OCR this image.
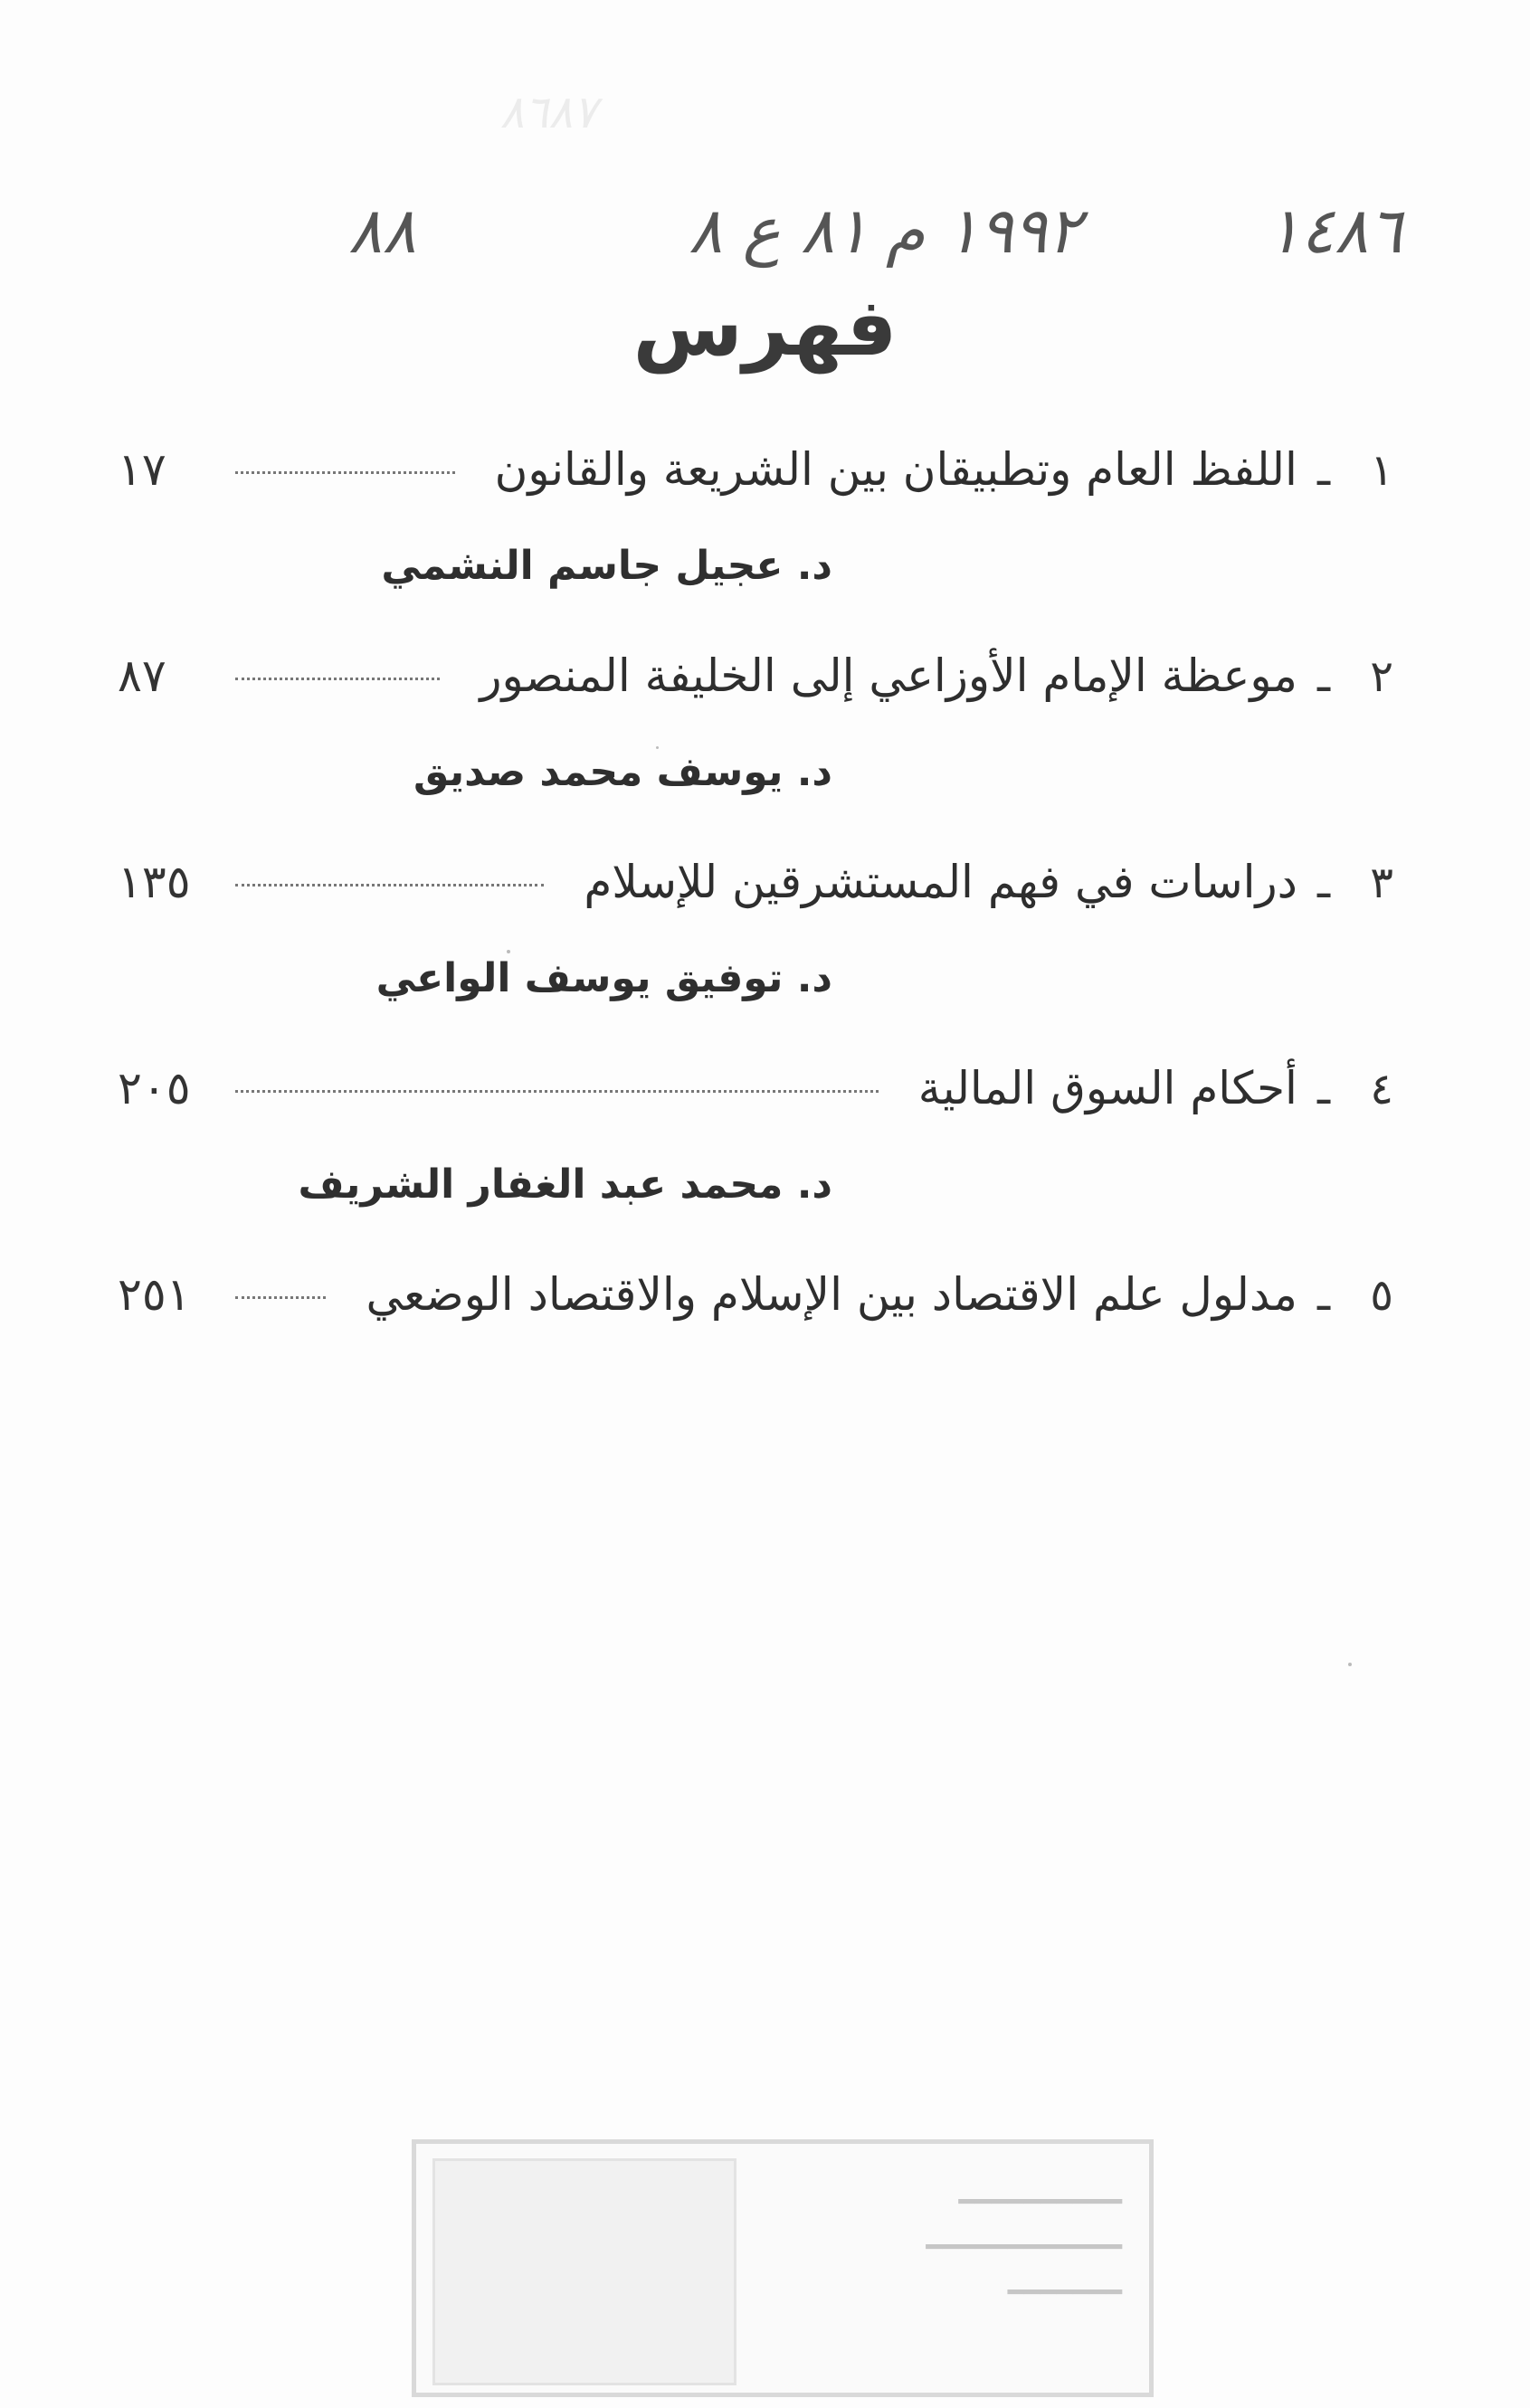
٨٦٨٧
١٤٨٦
١٩٩٢ م
٨١ ع ٨
٨٨
فهرس
١
ـ
اللفظ العام وتطبيقان بين الشريعة والقانون
١٧
د. عجيل جاسم النشمي
٢
ـ
موعظة الإمام الأوزاعي إلى الخليفة المنصور
٨٧
د. يوسف محمد صديق
٣
ـ
دراسات في فهم المستشرقين للإسلام
١٣٥
د. توفيق يوسف الواعي
٤
ـ
أحكام السوق المالية
٢٠٥
د. محمد عبد الغفار الشريف
٥
ـ
مدلول علم الاقتصاد بين الإسلام والاقتصاد الوضعي
٢٥١
━━━━━━━━━━
━━━━━━━━━━━━
━━━━━━━
